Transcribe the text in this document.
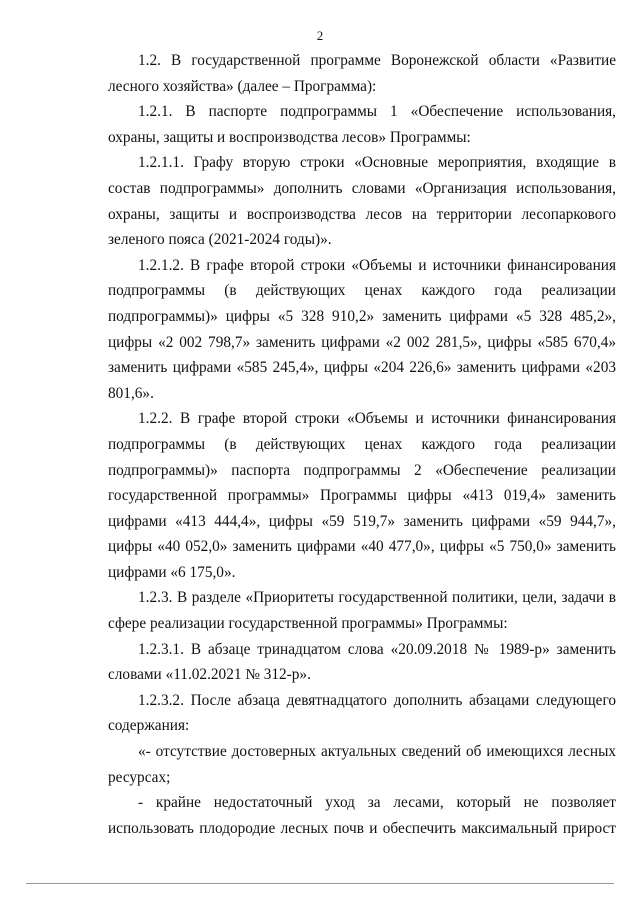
2

1.2. В государственной программе Воронежской области «Развитие лесного хозяйства» (далее – Программа):

1.2.1. В паспорте подпрограммы 1 «Обеспечение использования, охраны, защиты и воспроизводства лесов» Программы:

1.2.1.1. Графу вторую строки «Основные мероприятия, входящие в состав подпрограммы» дополнить словами «Организация использования, охраны, защиты и воспроизводства лесов на территории лесопаркового зеленого пояса (2021-2024 годы)».

1.2.1.2. В графе второй строки «Объемы и источники финансирования подпрограммы (в действующих ценах каждого года реализации подпрограммы)» цифры «5 328 910,2» заменить цифрами «5 328 485,2», цифры «2 002 798,7» заменить цифрами «2 002 281,5», цифры «585 670,4» заменить цифрами «585 245,4», цифры «204 226,6» заменить цифрами «203 801,6».

1.2.2. В графе второй строки «Объемы и источники финансирования подпрограммы (в действующих ценах каждого года реализации подпрограммы)» паспорта подпрограммы 2 «Обеспечение реализации государственной программы» Программы цифры «413 019,4» заменить цифрами «413 444,4», цифры «59 519,7» заменить цифрами «59 944,7», цифры «40 052,0» заменить цифрами «40 477,0», цифры «5 750,0» заменить цифрами «6 175,0».

1.2.3. В разделе «Приоритеты государственной политики, цели, задачи в сфере реализации государственной программы» Программы:

1.2.3.1. В абзаце тринадцатом слова «20.09.2018 № 1989-р» заменить словами «11.02.2021 № 312-р».

1.2.3.2. После абзаца девятнадцатого дополнить абзацами следующего содержания:

«- отсутствие достоверных актуальных сведений об имеющихся лесных ресурсах;

- крайне недостаточный уход за лесами, который не позволяет использовать плодородие лесных почв и обеспечить максимальный прирост
